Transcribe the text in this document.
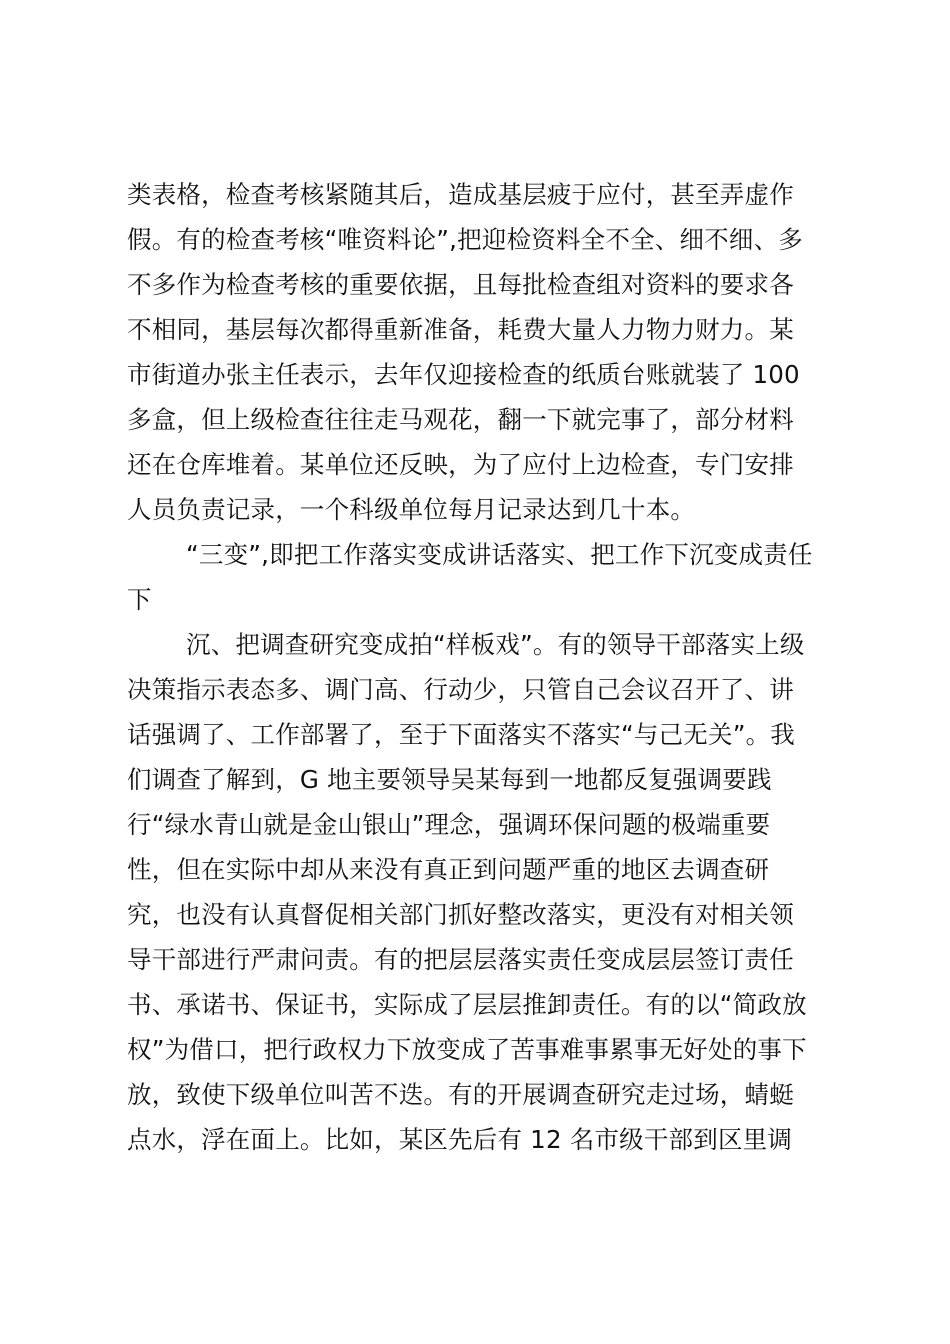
类表格，检查考核紧随其后，造成基层疲于应付，甚至弄虚作
假。有的检查考核“唯资料论”,把迎检资料全不全、细不细、多
不多作为检查考核的重要依据，且每批检查组对资料的要求各
不相同，基层每次都得重新准备，耗费大量人力物力财力。某
市街道办张主任表示，去年仅迎接检查的纸质台账就装了 100
多盒，但上级检查往往走马观花，翻一下就完事了，部分材料
还在仓库堆着。某单位还反映，为了应付上边检查，专门安排
人员负责记录，一个科级单位每月记录达到几十本。
“三变”,即把工作落实变成讲话落实、把工作下沉变成责任
下
沉、把调查研究变成拍“样板戏”。有的领导干部落实上级
决策指示表态多、调门高、行动少，只管自己会议召开了、讲
话强调了、工作部署了，至于下面落实不落实“与己无关”。我
们调查了解到，G 地主要领导吴某每到一地都反复强调要践
行“绿水青山就是金山银山”理念，强调环保问题的极端重要
性，但在实际中却从来没有真正到问题严重的地区去调查研
究，也没有认真督促相关部门抓好整改落实，更没有对相关领
导干部进行严肃问责。有的把层层落实责任变成层层签订责任
书、承诺书、保证书，实际成了层层推卸责任。有的以“简政放
权”为借口，把行政权力下放变成了苦事难事累事无好处的事下
放，致使下级单位叫苦不迭。有的开展调查研究走过场，蜻蜓
点水，浮在面上。比如，某区先后有 12 名市级干部到区里调
